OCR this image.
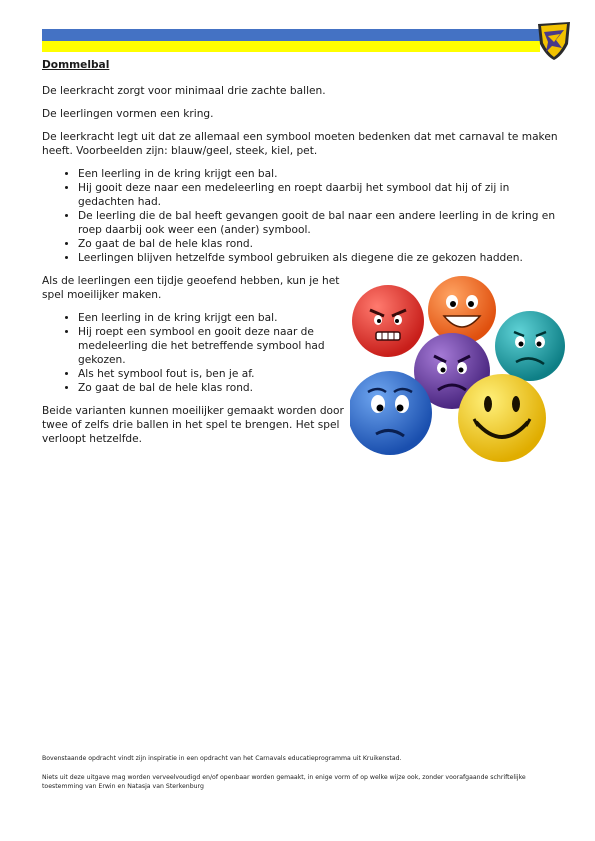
Dommelbal

De leerkracht zorgt voor minimaal drie zachte ballen.

De leerlingen vormen een kring.

De leerkracht legt uit dat ze allemaal een symbool moeten bedenken dat met carnaval te maken heeft. Voorbeelden zijn: blauw/geel, steek, kiel, pet.

• Een leerling in de kring krijgt een bal.
• Hij gooit deze naar een medeleerling en roept daarbij het symbool dat hij of zij in gedachten had.
• De leerling die de bal heeft gevangen gooit de bal naar een andere leerling in de kring en roep daarbij ook weer een (ander) symbool.
• Zo gaat de bal de hele klas rond.
• Leerlingen blijven hetzelfde symbool gebruiken als diegene die ze gekozen hadden.

Als de leerlingen een tijdje geoefend hebben, kun je het spel moeilijker maken.

• Een leerling in de kring krijgt een bal.
• Hij roept een symbool en gooit deze naar de medeleerling die het betreffende symbool had gekozen.
• Als het symbool fout is, ben je af.
• Zo gaat de bal de hele klas rond.

Beide varianten kunnen moeilijker gemaakt worden door twee of zelfs drie ballen in het spel te brengen. Het spel verloopt hetzelfde.

Bovenstaande opdracht vindt zijn inspiratie in een opdracht van het Carnavals educatieprogramma uit Kruikenstad.

Niets uit deze uitgave mag worden verveelvoudigd en/of openbaar worden gemaakt, in enige vorm of op welke wijze ook, zonder voorafgaande schriftelijke toestemming van Erwin en Natasja van Sterkenburg
